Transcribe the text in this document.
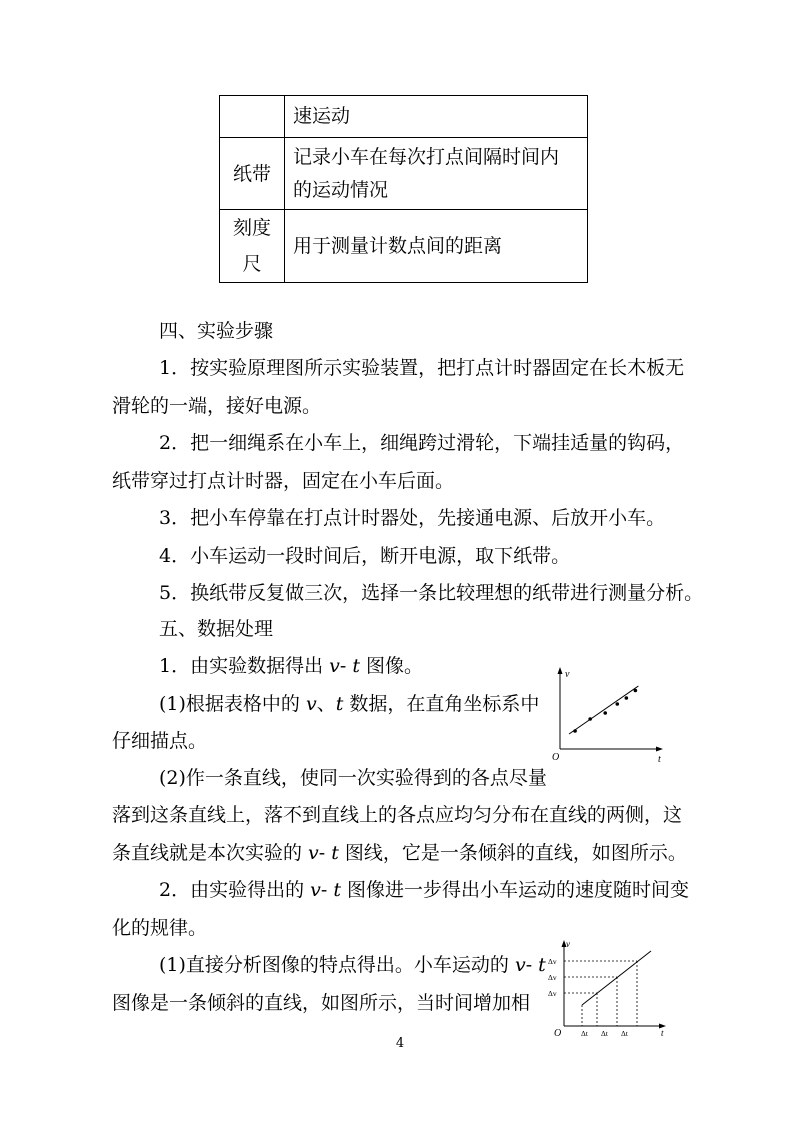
	速运动
纸带	记录小车在每次打点间隔时间内
的运动情况

刻度
尺	用于测量计数点间的距离

四、实验步骤

1．按实验原理图所示实验装置，把打点计时器固定在长木板无

滑轮的一端，接好电源。

2．把一细绳系在小车上，细绳跨过滑轮，下端挂适量的钩码，

纸带穿过打点计时器，固定在小车后面。

3．把小车停靠在打点计时器处，先接通电源、后放开小车。

4．小车运动一段时间后，断开电源，取下纸带。

5．换纸带反复做三次，选择一条比较理想的纸带进行测量分析。

五、数据处理

1．由实验数据得出 v- t 图像。

(1)根据表格中的 v、t 数据，在直角坐标系中

仔细描点。

(2)作一条直线，使同一次实验得到的各点尽量

落到这条直线上，落不到直线上的各点应均匀分布在直线的两侧，这

条直线就是本次实验的 v- t 图线，它是一条倾斜的直线，如图所示。

2．由实验得出的 v- t 图像进一步得出小车运动的速度随时间变

化的规律。

(1)直接分析图像的特点得出。小车运动的 v- t

图像是一条倾斜的直线，如图所示，当时间增加相

v
t
O
v
t
O
Δv
Δv
Δv
Δt Δt Δt
4
